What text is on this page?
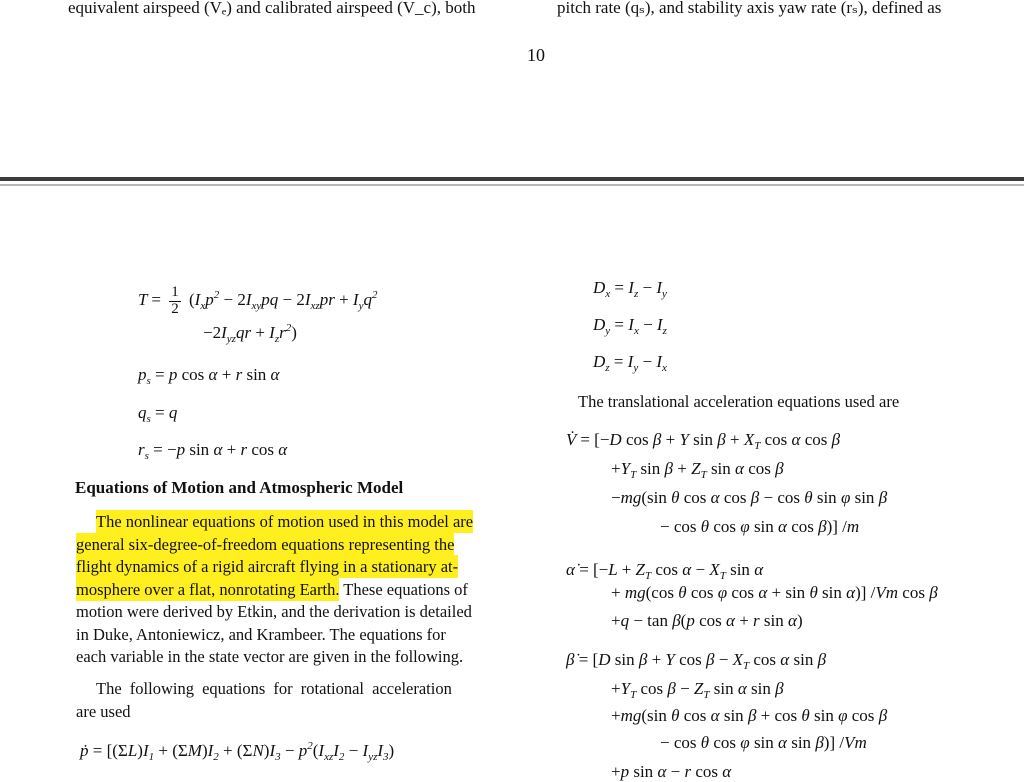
equivalent airspeed (Vₑ) and calibrated airspeed (V_c), both	pitch rate (qₛ), and stability axis yaw rate (rₛ), defined as
10
$T = \frac{1}{2} (I_xp^2 - 2I_{xy}pq - 2I_{xz}pr + I_yq^2$
$-2I_{yz}qr + I_zr^2$)
$p_s = p$ cos α + r sin α
$q_s = q$
$r_s = -p$ sin α + r cos α
Equations of Motion and Atmospheric Model
The nonlinear equations of motion used in this model are
general six-degree-of-freedom equations representing the
flight dynamics of a rigid aircraft flying in a stationary at-
mosphere over a flat, nonrotating Earth. These equations of
motion were derived by Etkin, and the derivation is detailed
in Duke, Antoniewicz, and Krambeer. The equations for
each variable in the state vector are given in the following.
The following equations for rotational acceleration
are used
ṗ = [$(\Sigma L)I_1 + (\Sigma M)I_2 + (\Sigma N)I_3 - p^2(I_{xz}I_2 - I_{yz}I_3)$
$D_x = I_z - I_y$
$D_y = I_x - I_z$
$D_z = I_y - I_x$
The translational acceleration equations used are
V̇ = [−D cos β + Y $\sin \beta + X_T$ cos α cos β
$+Y_T$ $\sin \beta + Z_T$ sin α cos β
−mg(sin θ cos α cos β − cos θ sin φ sin β
− cos θ cos φ sin α cos β)] /m
α̇ = [$-L + Z_T$ $\cos \alpha - X_T$ sin α
+ mg(cos θ cos φ cos α + sin θ sin α)] /Vm cos β
+q − tan β(p cos α + r sin α)
β̇ = [D sin β + Y $\cos \beta - X_T$ cos α sin β
$+Y_T$ $\cos \beta - Z_T$ sin α sin β
+mg(sin θ cos α sin β + cos θ sin φ cos β
− cos θ cos φ sin α sin β)] /Vm
+p sin α − r cos α
